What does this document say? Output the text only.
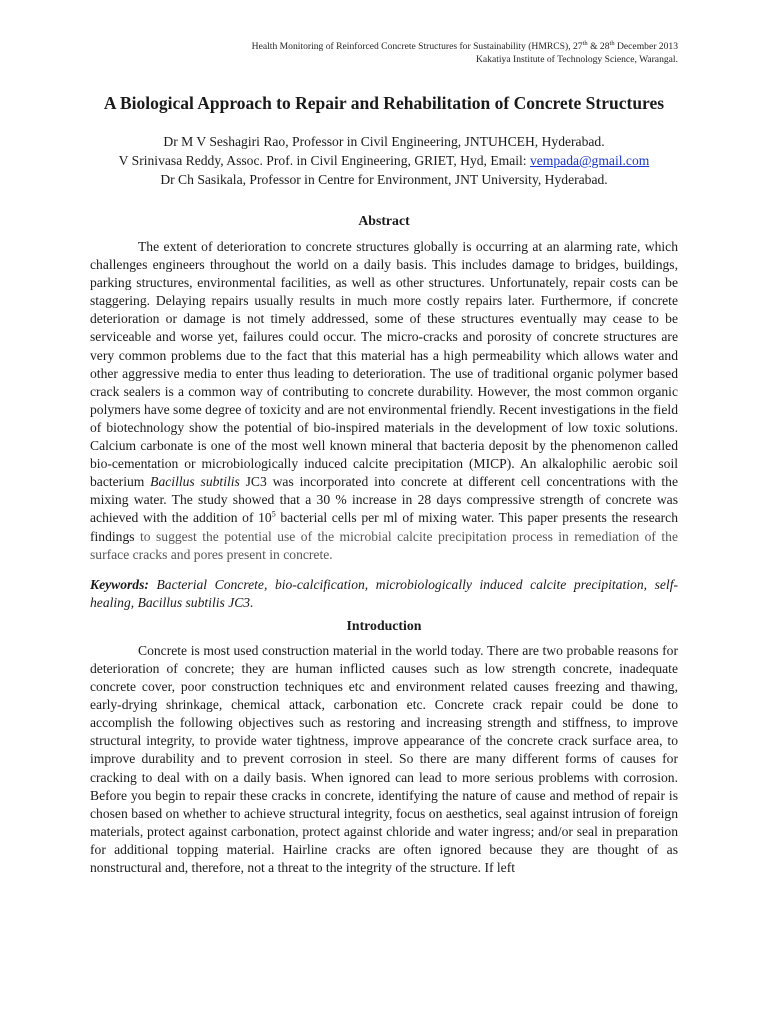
Health Monitoring of Reinforced Concrete Structures for Sustainability (HMRCS), 27th & 28th December 2013
Kakatiya Institute of Technology Science, Warangal.
A Biological Approach to Repair and Rehabilitation of Concrete Structures
Dr M V Seshagiri Rao, Professor in Civil Engineering, JNTUHCEH, Hyderabad.
V Srinivasa Reddy, Assoc. Prof. in Civil Engineering, GRIET, Hyd, Email: vempada@gmail.com
Dr Ch Sasikala, Professor in Centre for Environment, JNT University, Hyderabad.
Abstract

The extent of deterioration to concrete structures globally is occurring at an alarming rate, which challenges engineers throughout the world on a daily basis. This includes damage to bridges, buildings, parking structures, environmental facilities, as well as other structures. Unfortunately, repair costs can be staggering. Delaying repairs usually results in much more costly repairs later. Furthermore, if concrete deterioration or damage is not timely addressed, some of these structures eventually may cease to be serviceable and worse yet, failures could occur. The micro-cracks and porosity of concrete structures are very common problems due to the fact that this material has a high permeability which allows water and other aggressive media to enter thus leading to deterioration. The use of traditional organic polymer based crack sealers is a common way of contributing to concrete durability. However, the most common organic polymers have some degree of toxicity and are not environmental friendly. Recent investigations in the field of biotechnology show the potential of bio-inspired materials in the development of low toxic solutions. Calcium carbonate is one of the most well known mineral that bacteria deposit by the phenomenon called bio-cementation or microbiologically induced calcite precipitation (MICP). An alkalophilic aerobic soil bacterium Bacillus subtilis JC3 was incorporated into concrete at different cell concentrations with the mixing water. The study showed that a 30 % increase in 28 days compressive strength of concrete was achieved with the addition of $10^5$ bacterial cells per ml of mixing water. This paper presents the research findings to suggest the potential use of the microbial calcite precipitation process in remediation of the surface cracks and pores present in concrete.

Keywords: Bacterial Concrete, bio-calcification, microbiologically induced calcite precipitation, self-healing, Bacillus subtilis JC3.

Introduction

Concrete is most used construction material in the world today. There are two probable reasons for deterioration of concrete; they are human inflicted causes such as low strength concrete, inadequate concrete cover, poor construction techniques etc and environment related causes freezing and thawing, early-drying shrinkage, chemical attack, carbonation etc. Concrete crack repair could be done to accomplish the following objectives such as restoring and increasing strength and stiffness, to improve structural integrity, to provide water tightness, improve appearance of the concrete crack surface area, to improve durability and to prevent corrosion in steel. So there are many different forms of causes for cracking to deal with on a daily basis. When ignored can lead to more serious problems with corrosion. Before you begin to repair these cracks in concrete, identifying the nature of cause and method of repair is chosen based on whether to achieve structural integrity, focus on aesthetics, seal against intrusion of foreign materials, protect against carbonation, protect against chloride and water ingress; and/or seal in preparation for additional topping material. Hairline cracks are often ignored because they are thought of as nonstructural and, therefore, not a threat to the integrity of the structure. If left
